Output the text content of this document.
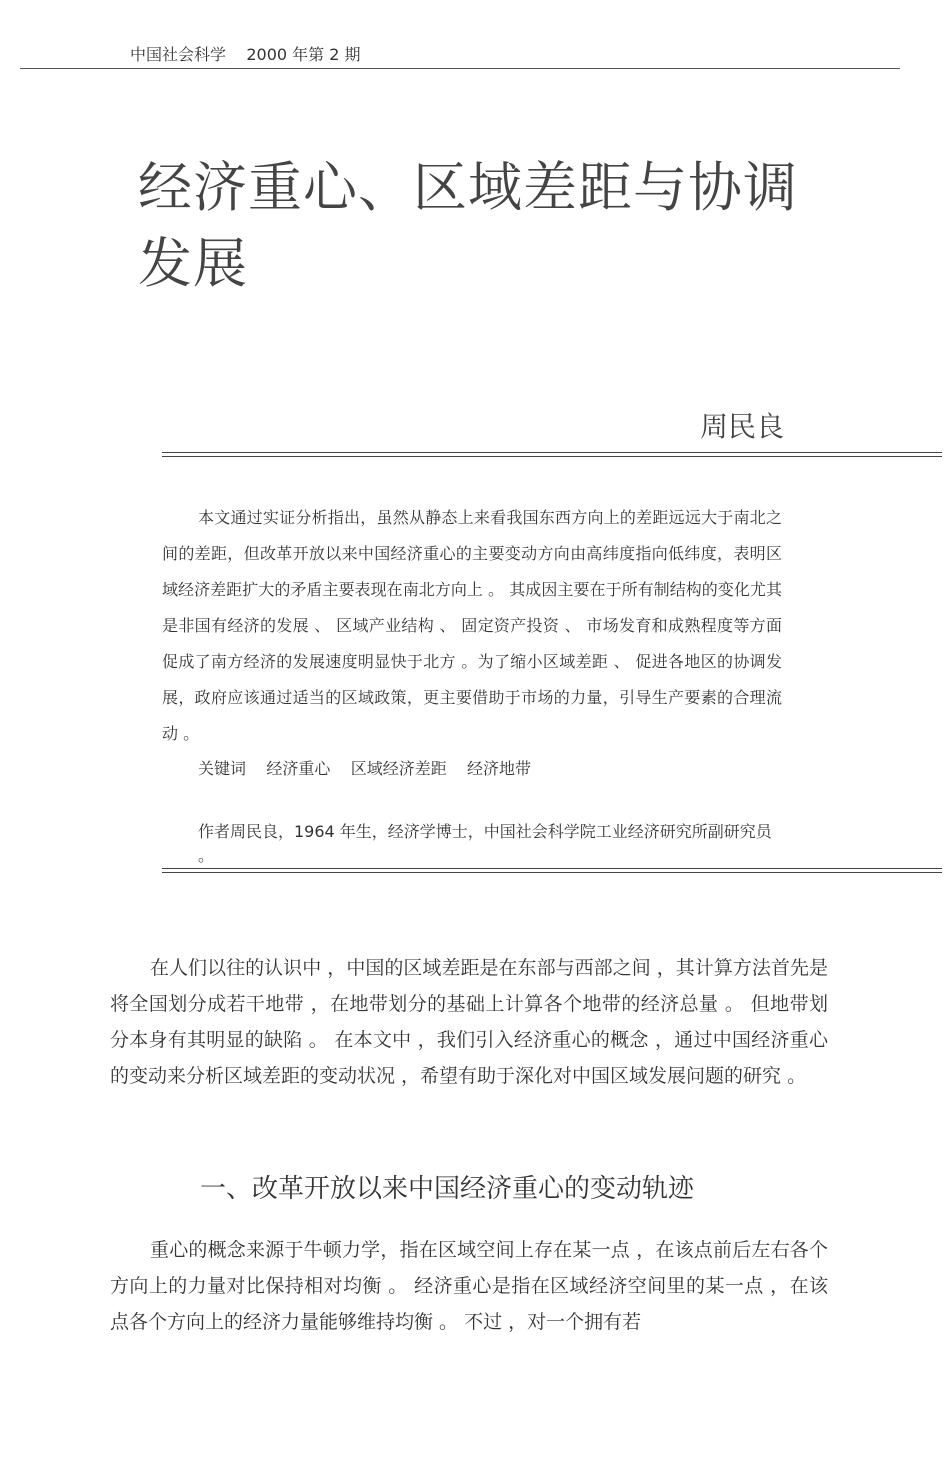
中国社会科学    2000 年第 2 期
经济重心、区域差距与协调发展
周民良

本文通过实证分析指出，虽然从静态上来看我国东西方向上的差距远远大于南北之间的差距，但改革开放以来中国经济重心的主要变动方向由高纬度指向低纬度，表明区域经济差距扩大的矛盾主要表现在南北方向上 。 其成因主要在于所有制结构的变化尤其是非国有经济的发展 、 区域产业结构 、 固定资产投资 、 市场发育和成熟程度等方面促成了南方经济的发展速度明显快于北方 。为了缩小区域差距 、 促进各地区的协调发展，政府应该通过适当的区域政策，更主要借助于市场的力量，引导生产要素的合理流动 。

关键词    经济重心    区域经济差距    经济地带

作者周民良，1964 年生，经济学博士，中国社会科学院工业经济研究所副研究员 。

在人们以往的认识中 ，中国的区域差距是在东部与西部之间 ，其计算方法首先是将全国划分成若干地带 ，在地带划分的基础上计算各个地带的经济总量 。 但地带划分本身有其明显的缺陷 。 在本文中 ，我们引入经济重心的概念 ，通过中国经济重心的变动来分析区域差距的变动状况 ，希望有助于深化对中国区域发展问题的研究 。

一、改革开放以来中国经济重心的变动轨迹

重心的概念来源于牛顿力学，指在区域空间上存在某一点 ，在该点前后左右各个方向上的力量对比保持相对均衡 。 经济重心是指在区域经济空间里的某一点 ，在该点各个方向上的经济力量能够维持均衡 。 不过 ，对一个拥有若
